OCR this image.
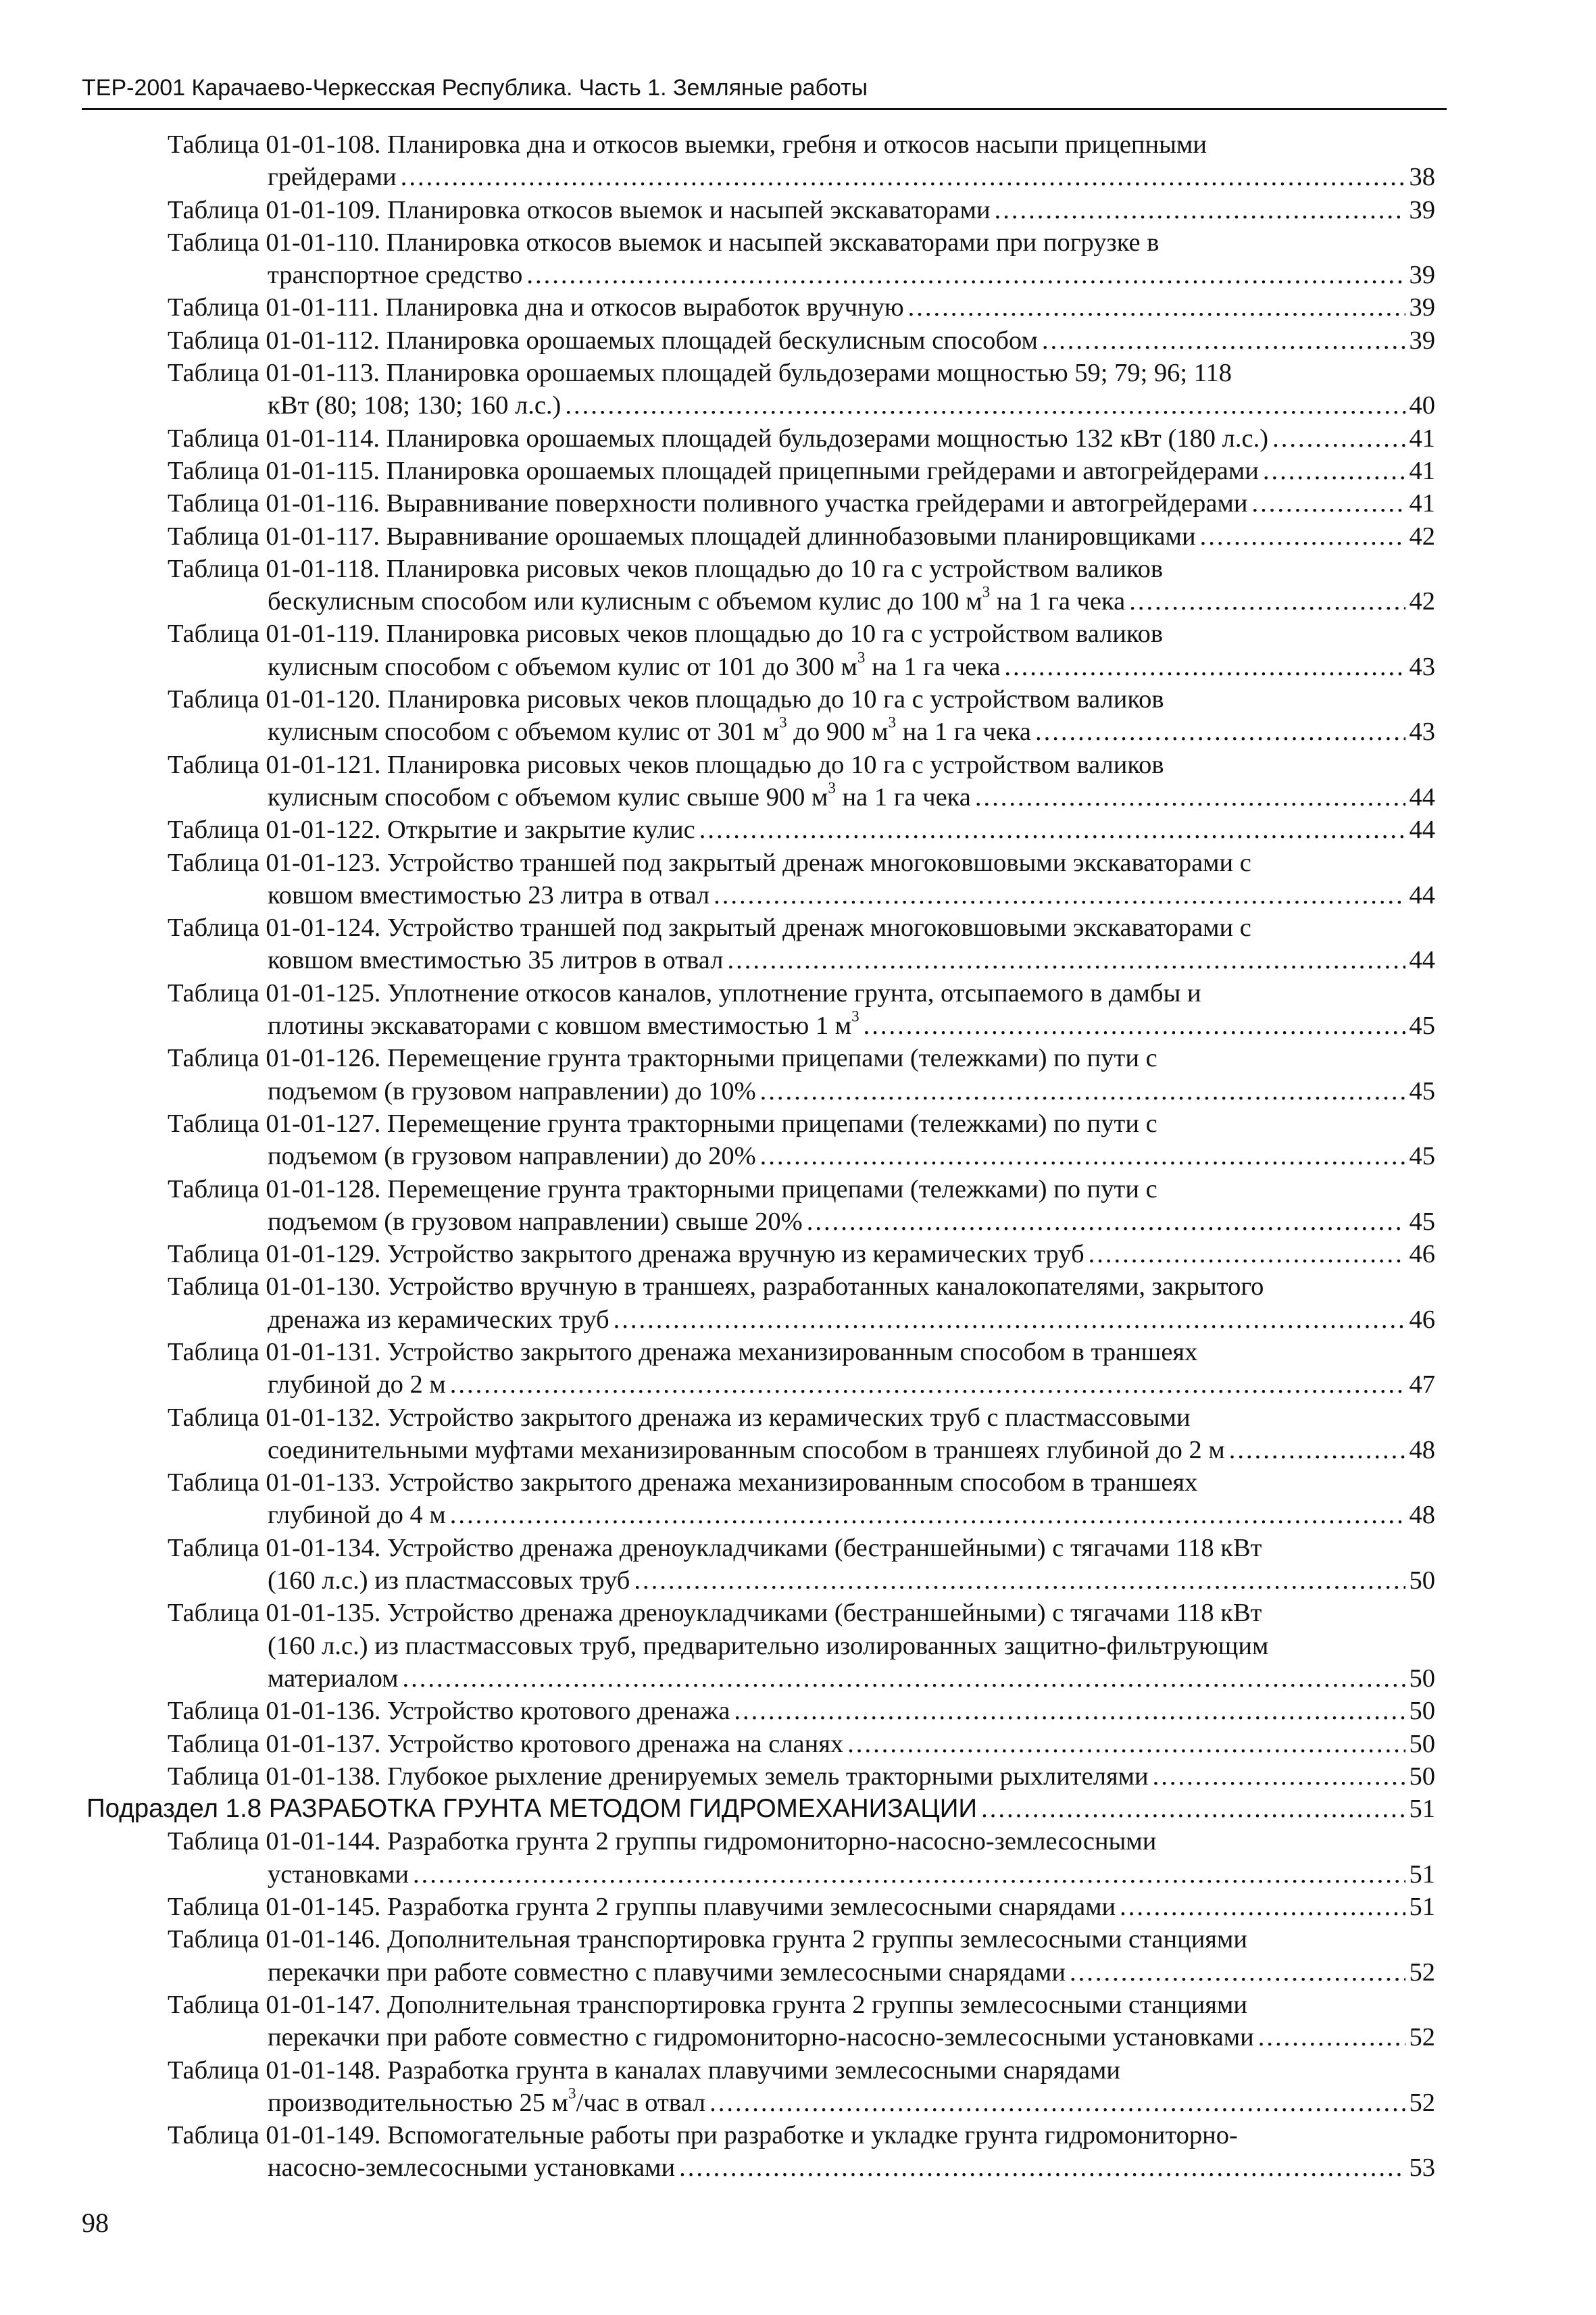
ТЕР-2001 Карачаево-Черкесская Республика. Часть 1. Земляные работы
Таблица 01-01-108. Планировка дна и откосов выемки, гребня и откосов насыпи прицепными
грейдерами .....	38
Таблица 01-01-109. Планировка откосов выемок и насыпей экскаваторами .....	39
Таблица 01-01-110. Планировка откосов выемок и насыпей экскаваторами при погрузке в
транспортное средство .....	39
Таблица 01-01-111. Планировка дна и откосов выработок вручную .....	39
Таблица 01-01-112. Планировка орошаемых площадей бескулисным способом .....	39
Таблица 01-01-113. Планировка орошаемых площадей бульдозерами мощностью 59; 79; 96; 118
кВт (80; 108; 130; 160 л.с.) .....	40
Таблица 01-01-114. Планировка орошаемых площадей бульдозерами мощностью 132 кВт (180 л.с.) .....	41
Таблица 01-01-115. Планировка орошаемых площадей прицепными грейдерами и автогрейдерами .....	41
Таблица 01-01-116. Выравнивание поверхности поливного участка грейдерами и автогрейдерами .....	41
Таблица 01-01-117. Выравнивание орошаемых площадей длиннобазовыми планировщиками .....	42
Таблица 01-01-118. Планировка рисовых чеков площадью до 10 га с устройством валиков
бескулисным способом или кулисным с объемом кулис до 100 $м^3$ на 1 га чека .....	42
Таблица 01-01-119. Планировка рисовых чеков площадью до 10 га с устройством валиков
кулисным способом с объемом кулис от 101 до 300 $м^3$ на 1 га чека .....	43
Таблица 01-01-120. Планировка рисовых чеков площадью до 10 га с устройством валиков
кулисным способом с объемом кулис от 301 $м^3$ до 900 $м^3$ на 1 га чека .....	43
Таблица 01-01-121. Планировка рисовых чеков площадью до 10 га с устройством валиков
кулисным способом с объемом кулис свыше 900 $м^3$ на 1 га чека .....	44
Таблица 01-01-122. Открытие и закрытие кулис .....	44
Таблица 01-01-123. Устройство траншей под закрытый дренаж многоковшовыми экскаваторами с
ковшом вместимостью 23 литра в отвал .....	44
Таблица 01-01-124. Устройство траншей под закрытый дренаж многоковшовыми экскаваторами с
ковшом вместимостью 35 литров в отвал .....	44
Таблица 01-01-125. Уплотнение откосов каналов, уплотнение грунта, отсыпаемого в дамбы и
плотины экскаваторами с ковшом вместимостью 1 $м^3$ .....	45
Таблица 01-01-126. Перемещение грунта тракторными прицепами (тележками) по пути с
подъемом (в грузовом направлении) до 10% .....	45
Таблица 01-01-127. Перемещение грунта тракторными прицепами (тележками) по пути с
подъемом (в грузовом направлении) до 20% .....	45
Таблица 01-01-128. Перемещение грунта тракторными прицепами (тележками) по пути с
подъемом (в грузовом направлении) свыше 20% .....	45
Таблица 01-01-129. Устройство закрытого дренажа вручную из керамических труб .....	46
Таблица 01-01-130. Устройство вручную в траншеях, разработанных каналокопателями, закрытого
дренажа из керамических труб .....	46
Таблица 01-01-131. Устройство закрытого дренажа механизированным способом в траншеях
глубиной до 2 м .....	47
Таблица 01-01-132. Устройство закрытого дренажа из керамических труб с пластмассовыми
соединительными муфтами механизированным способом в траншеях глубиной до 2 м .....	48
Таблица 01-01-133. Устройство закрытого дренажа механизированным способом в траншеях
глубиной до 4 м .....	48
Таблица 01-01-134. Устройство дренажа дреноукладчиками (бестраншейными) с тягачами 118 кВт
(160 л.с.) из пластмассовых труб .....	50
Таблица 01-01-135. Устройство дренажа дреноукладчиками (бестраншейными) с тягачами 118 кВт
(160 л.с.) из пластмассовых труб, предварительно изолированных защитно-фильтрующим
материалом .....	50
Таблица 01-01-136. Устройство кротового дренажа .....	50
Таблица 01-01-137. Устройство кротового дренажа на сланях .....	50
Таблица 01-01-138. Глубокое рыхление дренируемых земель тракторными рыхлителями .....	50
Подраздел 1.8 РАЗРАБОТКА ГРУНТА МЕТОДОМ ГИДРОМЕХАНИЗАЦИИ .....	51
Таблица 01-01-144. Разработка грунта 2 группы гидромониторно-насосно-землесосными
установками .....	51
Таблица 01-01-145. Разработка грунта 2 группы плавучими землесосными снарядами .....	51
Таблица 01-01-146. Дополнительная транспортировка грунта 2 группы землесосными станциями
перекачки при работе совместно с плавучими землесосными снарядами .....	52
Таблица 01-01-147. Дополнительная транспортировка грунта 2 группы землесосными станциями
перекачки при работе совместно с гидромониторно-насосно-землесосными установками .....	52
Таблица 01-01-148. Разработка грунта в каналах плавучими землесосными снарядами
производительностью 25 $м^3$/час в отвал .....	52
Таблица 01-01-149. Вспомогательные работы при разработке и укладке грунта гидромониторно-
насосно-землесосными установками .....	53
98
